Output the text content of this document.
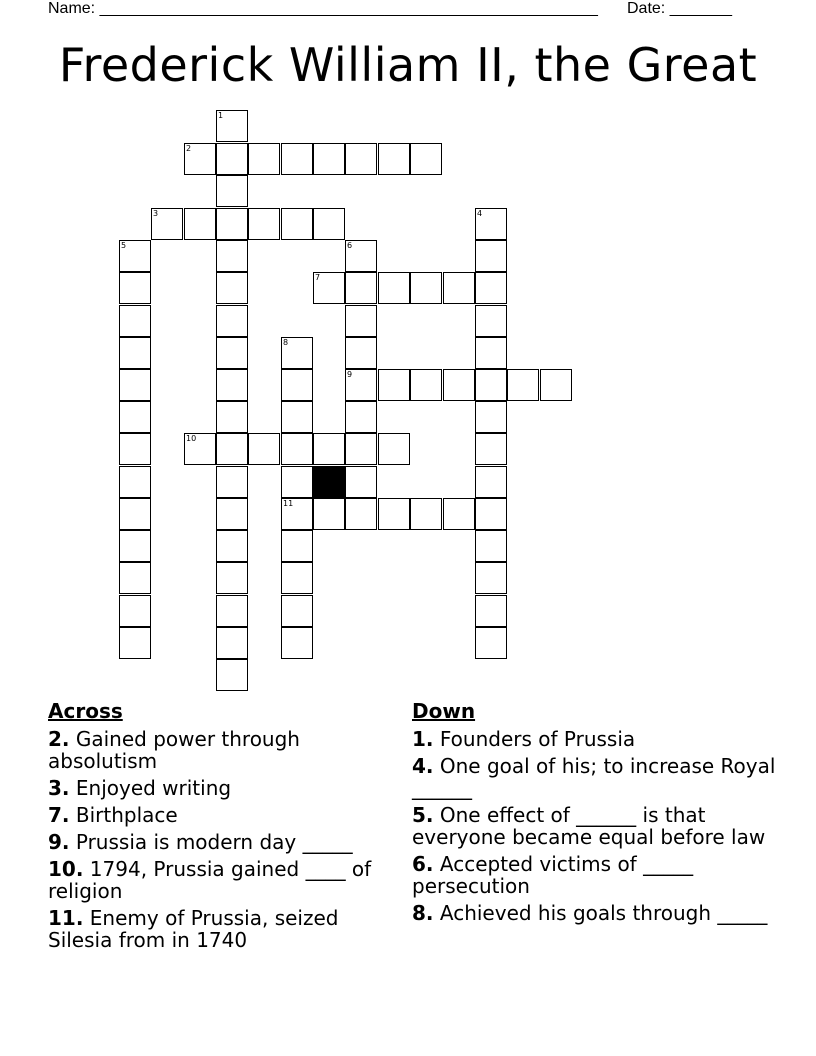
Name: ________________________________________________________ Date: _______
Frederick William II, the Great
1
2
3	4
5	6
7
8
9
10
11
Across
2. Gained power through absolutism
3. Enjoyed writing
7. Birthplace
9. Prussia is modern day _____
10. 1794, Prussia gained ____ of religion
11. Enemy of Prussia, seized Silesia from in 1740
Down
1. Founders of Prussia
4. One goal of his; to increase Royal ______
5. One effect of ______ is that everyone became equal before law
6. Accepted victims of _____ persecution
8. Achieved his goals through _____
